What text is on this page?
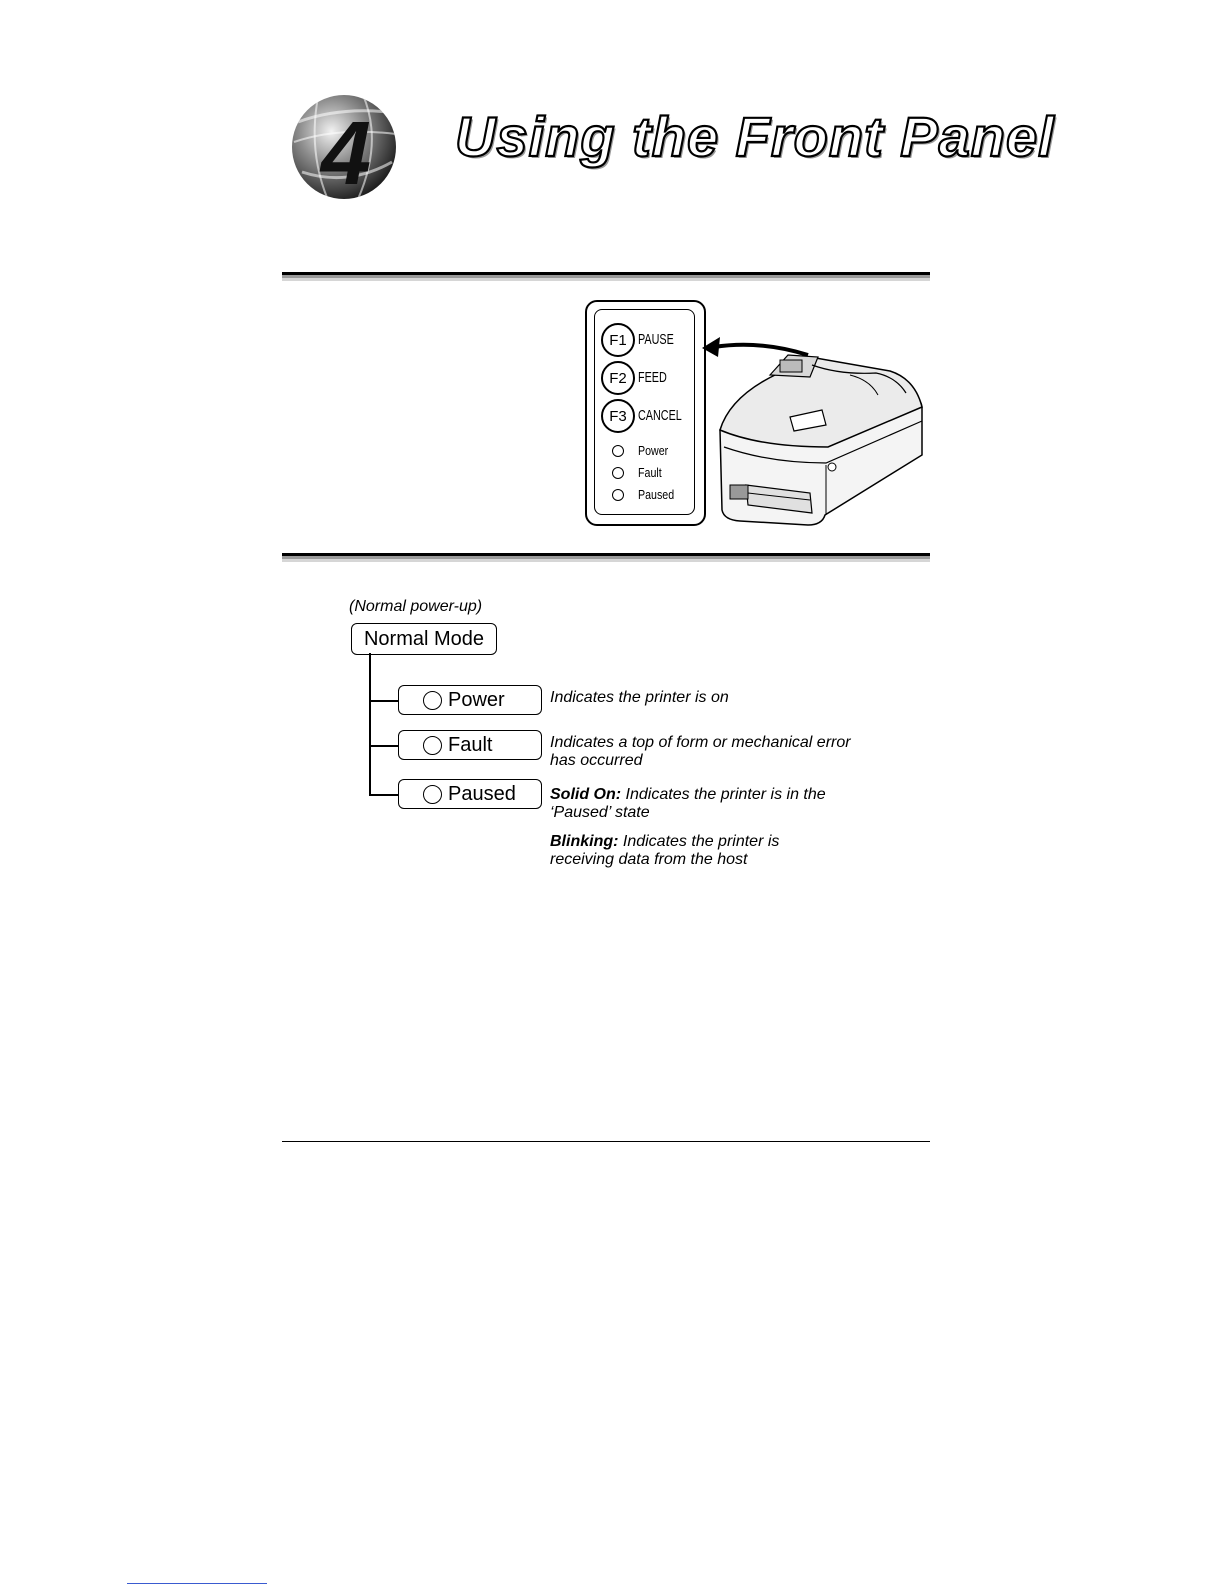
4 Using the Front Panel
F1 PAUSE
F2 FEED
F3 CANCEL
Power
Fault
Paused
(Normal power-up)
Normal Mode
Power	Indicates the printer is on
Fault	Indicates a top of form or mechanical error has occurred
Paused Solid On: Indicates the printer is in the ‘Paused’ state
Blinking: Indicates the printer is receiving data from the host
